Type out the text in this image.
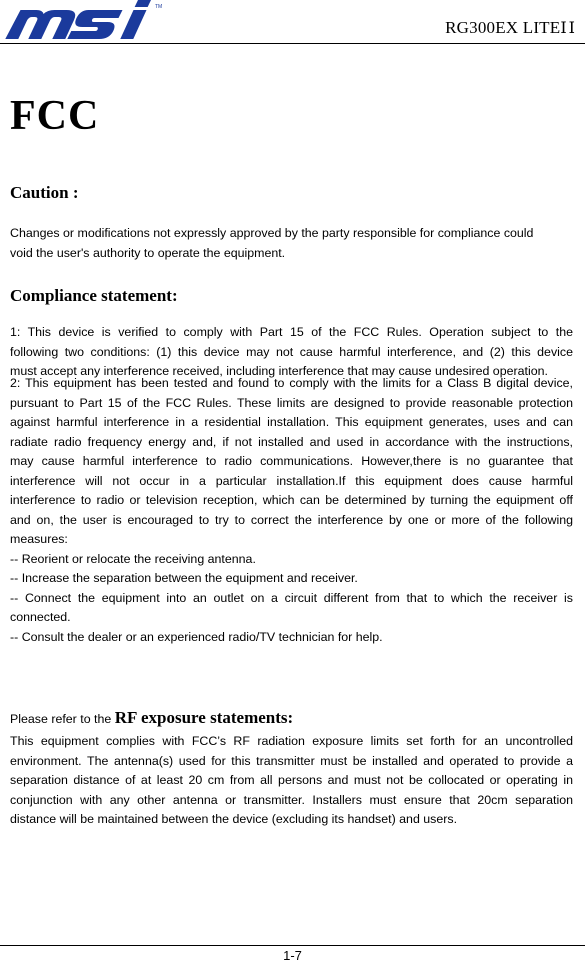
TM
RG300EX LITEII
FCC
Caution :
Changes or modifications not expressly approved by the party responsible for compliance could
void the user's authority to operate the equipment.
Compliance statement:
1: This device is verified to comply with Part 15 of the FCC Rules. Operation subject to the
following two conditions: (1) this device may not cause harmful interference, and (2) this device
must accept any interference received, including interference that may cause undesired operation.
2: This equipment has been tested and found to comply with the limits for a Class B digital device,
pursuant to Part 15 of the FCC Rules. These limits are designed to provide reasonable protection
against harmful interference in a residential installation. This equipment generates, uses and can
radiate radio frequency energy and, if not installed and used in accordance with the instructions,
may cause harmful interference to radio communications. However,there is no guarantee that
interference will not occur in a particular installation.If this equipment does cause harmful
interference to radio or television reception, which can be determined by turning the equipment off
and on, the user is encouraged to try to correct the interference by one or more of the following
measures:
-- Reorient or relocate the receiving antenna.
-- Increase the separation between the equipment and receiver.
-- Connect the equipment into an outlet on a circuit different from that to which the receiver is
connected.
-- Consult the dealer or an experienced radio/TV technician for help.
Please refer to the RF exposure statements:
This equipment complies with FCC’s RF radiation exposure limits set forth for an uncontrolled
environment. The antenna(s) used for this transmitter must be installed and operated to provide a
separation distance of at least 20 cm from all persons and must not be collocated or operating in
conjunction with any other antenna or transmitter. Installers must ensure that 20cm separation
distance will be maintained between the device (excluding its handset) and users.
1-7
